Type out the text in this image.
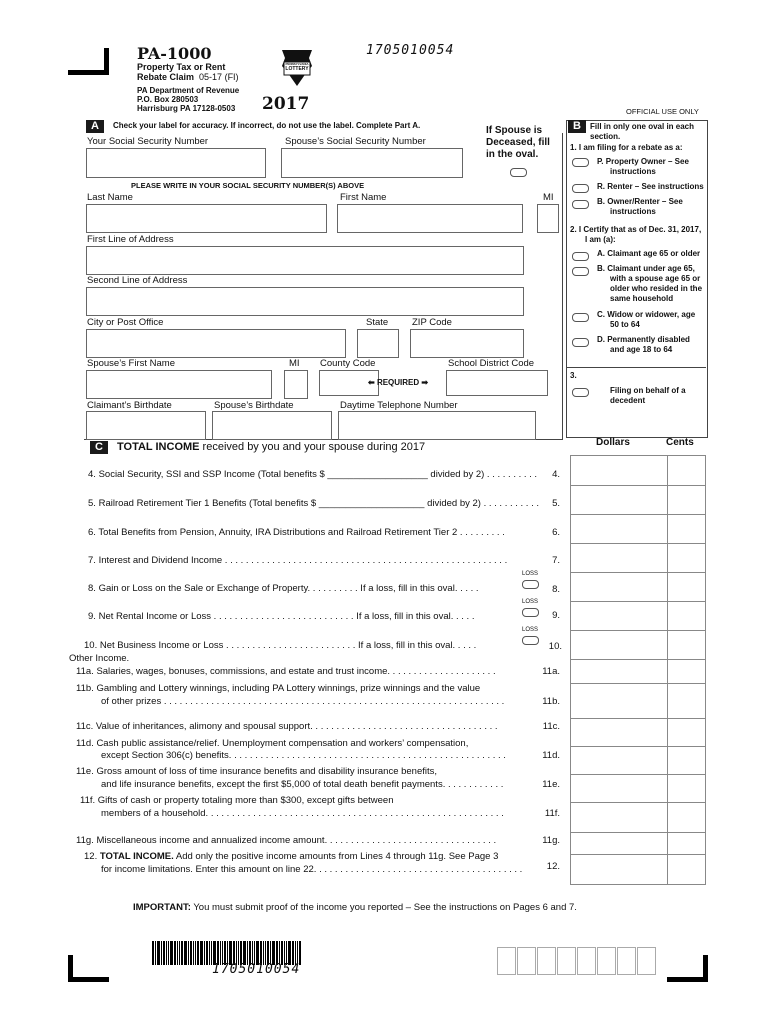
PA-1000
Property Tax or Rent
Rebate Claim 05-17 (FI)
PA Department of Revenue
P.O. Box 280503
Harrisburg PA 17128-0503
PENNSYLVANIA
LOTTERY
2017
1705010054
OFFICIAL USE ONLY
A	Check your label for accuracy. If incorrect, do not use the label. Complete Part A.
Your Social Security Number	Spouse’s Social Security Number
If Spouse is
Deceased, fill
in the oval.
PLEASE WRITE IN YOUR SOCIAL SECURITY NUMBER(S) ABOVE
Last Name	First Name	MI
First Line of Address
Second Line of Address
City or Post Office	State	ZIP Code
Spouse’s First Name	MI County Code	School District Code
⬅ REQUIRED ➡
Claimant’s Birthdate	Spouse’s Birthdate	Daytime Telephone Number
B	Fill in only one oval in each
section.
1. I am filing for a rebate as a:
P. Property Owner – See
instructions
R. Renter – See instructions
B. Owner/Renter – See
instructions
2. I Certify that as of Dec. 31, 2017,
I am (a):
A. Claimant age 65 or older
B. Claimant under age 65,
with a spouse age 65 or
older who resided in the
same household
C. Widow or widower, age
50 to 64
D. Permanently disabled
and age 18 to 64
3.
Filing on behalf of a
decedent
C	TOTAL INCOME received by you and your spouse during 2017	Dollars	Cents
4. Social Security, SSI and SSP Income (Total benefits $ ___________________ divided by 2) . . . . . . . . . .	4.
5. Railroad Retirement Tier 1 Benefits (Total benefits $ ____________________ divided by 2) . . . . . . . . . . .	5.
6. Total Benefits from Pension, Annuity, IRA Distributions and Railroad Retirement Tier 2 . . . . . . . . .	6.
7. Interest and Dividend Income . . . . . . . . . . . . . . . . . . . . . . . . . . . . . . . . . . . . . . . . . . . . . . . . . . . . . .	7.
LOSS
8. Gain or Loss on the Sale or Exchange of Property. . . . . . . . . . If a loss, fill in this oval. . . . .	8.
LOSS
9. Net Rental Income or Loss . . . . . . . . . . . . . . . . . . . . . . . . . . . If a loss, fill in this oval. . . . .	9.
LOSS
10. Net Business Income or Loss . . . . . . . . . . . . . . . . . . . . . . . . . If a loss, fill in this oval. . . . .	10.
Other Income.
11a. Salaries, wages, bonuses, commissions, and estate and trust income. . . . . . . . . . . . . . . . . . . . .	11a.
11b. Gambling and Lottery winnings, including PA Lottery winnings, prize winnings and the value
of other prizes . . . . . . . . . . . . . . . . . . . . . . . . . . . . . . . . . . . . . . . . . . . . . . . . . . . . . . . . . . . . . . . . .	11b.
11c. Value of inheritances, alimony and spousal support. . . . . . . . . . . . . . . . . . . . . . . . . . . . . . . . . . . .	11c.
11d. Cash public assistance/relief. Unemployment compensation and workers’ compensation,
except Section 306(c) benefits. . . . . . . . . . . . . . . . . . . . . . . . . . . . . . . . . . . . . . . . . . . . . . . . . . . . .	11d.
11e. Gross amount of loss of time insurance benefits and disability insurance benefits,
and life insurance benefits, except the first $5,000 of total death benefit payments. . . . . . . . . . . .	11e.
11f. Gifts of cash or property totaling more than $300, except gifts between
members of a household. . . . . . . . . . . . . . . . . . . . . . . . . . . . . . . . . . . . . . . . . . . . . . . . . . . . . . . . .	11f.
11g. Miscellaneous income and annualized income amount. . . . . . . . . . . . . . . . . . . . . . . . . . . . . . . . .	11g.
12. TOTAL INCOME. Add only the positive income amounts from Lines 4 through 11g. See Page 3
for income limitations. Enter this amount on line 22. . . . . . . . . . . . . . . . . . . . . . . . . . . . . . . . . . . . . . . .	12.
IMPORTANT: You must submit proof of the income you reported – See the instructions on Pages 6 and 7.
1705010054
